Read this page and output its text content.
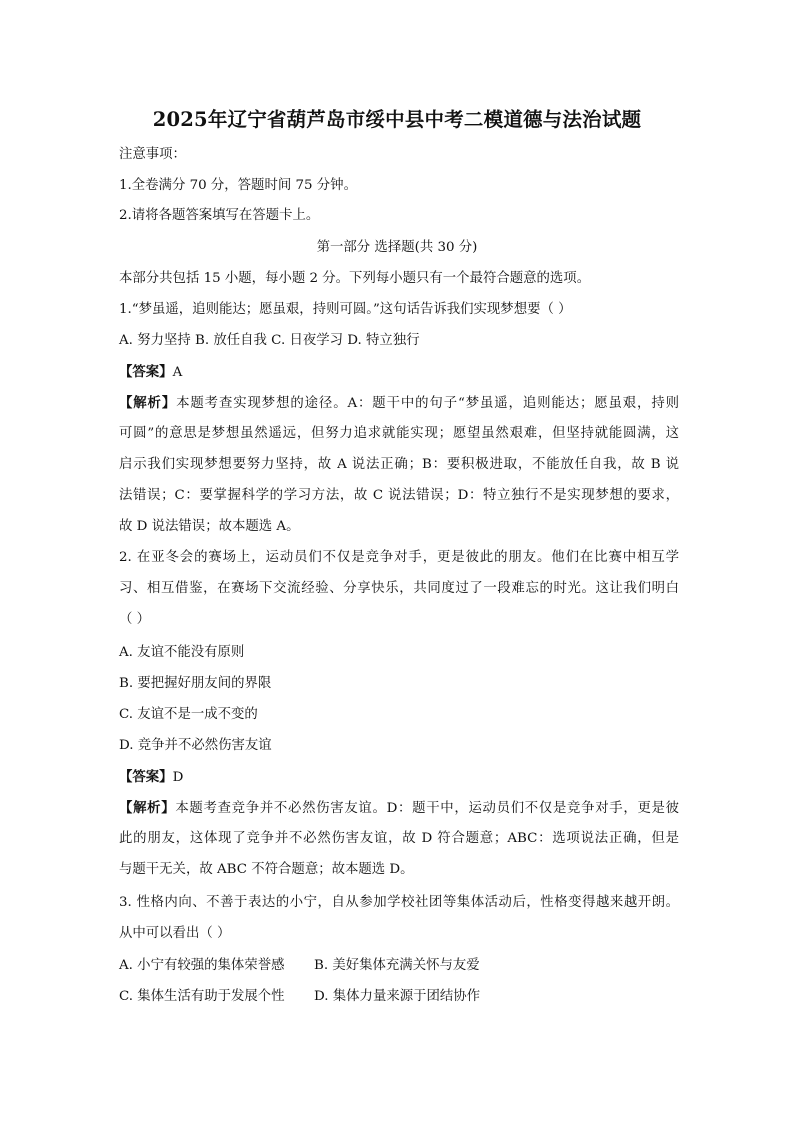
2025年辽宁省葫芦岛市绥中县中考二模道德与法治试题
注意事项：
1.全卷满分 70 分，答题时间 75 分钟。
2.请将各题答案填写在答题卡上。
第一部分 选择题(共 30 分)
本部分共包括 15 小题，每小题 2 分。下列每小题只有一个最符合题意的选项。
1.“梦虽遥，追则能达；愿虽艰，持则可圆。”这句话告诉我们实现梦想要（ ）
A. 努力坚持 B. 放任自我 C. 日夜学习 D. 特立独行
【答案】A
【解析】本题考查实现梦想的途径。A：题干中的句子“梦虽遥，追则能达；愿虽艰，持则
可圆”的意思是梦想虽然遥远，但努力追求就能实现；愿望虽然艰难，但坚持就能圆满，这
启示我们实现梦想要努力坚持，故 A 说法正确；B：要积极进取，不能放任自我，故 B 说
法错误；C：要掌握科学的学习方法，故 C 说法错误；D：特立独行不是实现梦想的要求，
故 D 说法错误；故本题选 A。
2. 在亚冬会的赛场上，运动员们不仅是竞争对手，更是彼此的朋友。他们在比赛中相互学
习、相互借鉴，在赛场下交流经验、分享快乐，共同度过了一段难忘的时光。这让我们明白
（ ）
A. 友谊不能没有原则
B. 要把握好朋友间的界限
C. 友谊不是一成不变的
D. 竞争并不必然伤害友谊
【答案】D
【解析】本题考查竞争并不必然伤害友谊。D：题干中，运动员们不仅是竞争对手，更是彼
此的朋友，这体现了竞争并不必然伤害友谊，故 D 符合题意；ABC：选项说法正确，但是
与题干无关，故 ABC 不符合题意；故本题选 D。
3. 性格内向、不善于表达的小宁，自从参加学校社团等集体活动后，性格变得越来越开朗。
从中可以看出（ ）
A. 小宁有较强的集体荣誉感 B. 美好集体充满关怀与友爱
C. 集体生活有助于发展个性 D. 集体力量来源于团结协作
